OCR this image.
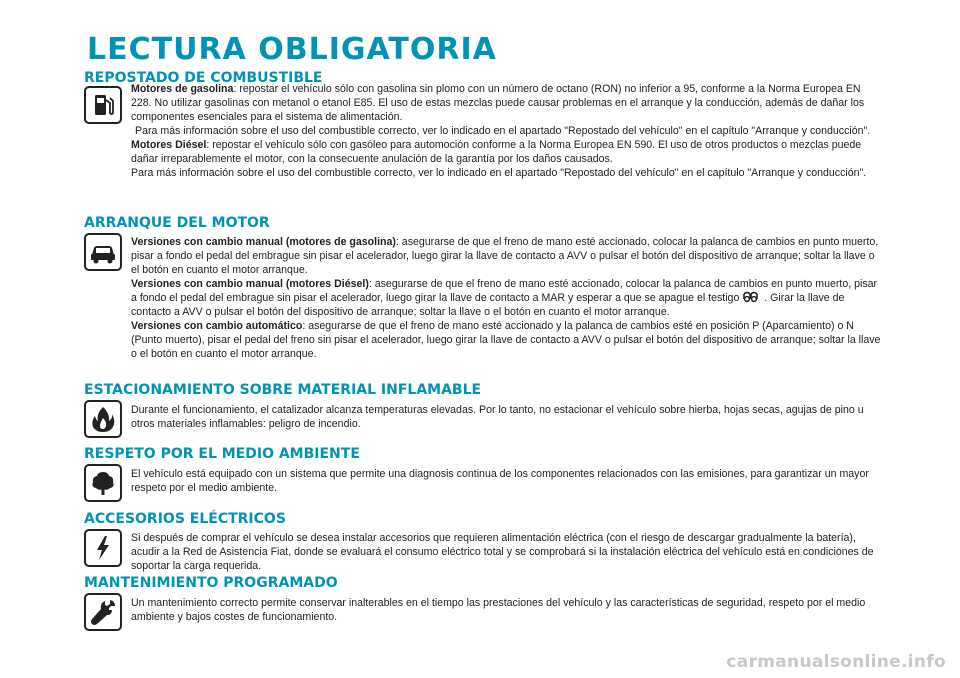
LECTURA OBLIGATORIA
REPOSTADO DE COMBUSTIBLE

Motores de gasolina: repostar el vehículo sólo con gasolina sin plomo con un número de octano (RON) no inferior a 95, conforme a la Norma Europea EN 228. No utilizar gasolinas con metanol o etanol E85. El uso de estas mezclas puede causar problemas en el arranque y la conducción, además de dañar los componentes esenciales para el sistema de alimentación.

Para más información sobre el uso del combustible correcto, ver lo indicado en el apartado "Repostado del vehículo" en el capítulo "Arranque y conducción".

Motores Diésel: repostar el vehículo sólo con gasóleo para automoción conforme a la Norma Europea EN 590. El uso de otros productos o mezclas puede dañar irreparablemente el motor, con la consecuente anulación de la garantía por los daños causados.

Para más información sobre el uso del combustible correcto, ver lo indicado en el apartado "Repostado del vehículo" en el capítulo "Arranque y conducción".

ARRANQUE DEL MOTOR

Versiones con cambio manual (motores de gasolina): asegurarse de que el freno de mano esté accionado, colocar la palanca de cambios en punto muerto, pisar a fondo el pedal del embrague sin pisar el acelerador, luego girar la llave de contacto a AVV o pulsar el botón del dispositivo de arranque; soltar la llave o el botón en cuanto el motor arranque.

Versiones con cambio manual (motores Diésel): asegurarse de que el freno de mano esté accionado, colocar la palanca de cambios en punto muerto, pisar a fondo el pedal del embrague sin pisar el acelerador, luego girar la llave de contacto a MAR y esperar a que se apague el testigo . Girar la llave de contacto a AVV o pulsar el botón del dispositivo de arranque; soltar la llave o el botón en cuanto el motor arranque.

Versiones con cambio automático: asegurarse de que el freno de mano esté accionado y la palanca de cambios esté en posición P (Aparcamiento) o N (Punto muerto), pisar el pedal del freno sin pisar el acelerador, luego girar la llave de contacto a AVV o pulsar el botón del dispositivo de arranque; soltar la llave o el botón en cuanto el motor arranque.

ESTACIONAMIENTO SOBRE MATERIAL INFLAMABLE

Durante el funcionamiento, el catalizador alcanza temperaturas elevadas. Por lo tanto, no estacionar el vehículo sobre hierba, hojas secas, agujas de pino u otros materiales inflamables: peligro de incendio.

RESPETO POR EL MEDIO AMBIENTE

El vehículo está equipado con un sistema que permite una diagnosis continua de los componentes relacionados con las emisiones, para garantizar un mayor respeto por el medio ambiente.

ACCESORIOS ELÉCTRICOS

Si después de comprar el vehículo se desea instalar accesorios que requieren alimentación eléctrica (con el riesgo de descargar gradualmente la batería), acudir a la Red de Asistencia Fiat, donde se evaluará el consumo eléctrico total y se comprobará si la instalación eléctrica del vehículo está en condiciones de soportar la carga requerida.

MANTENIMIENTO PROGRAMADO

Un mantenimiento correcto permite conservar inalterables en el tiempo las prestaciones del vehículo y las características de seguridad, respeto por el medio ambiente y bajos costes de funcionamiento.

carmanualsonline.info
